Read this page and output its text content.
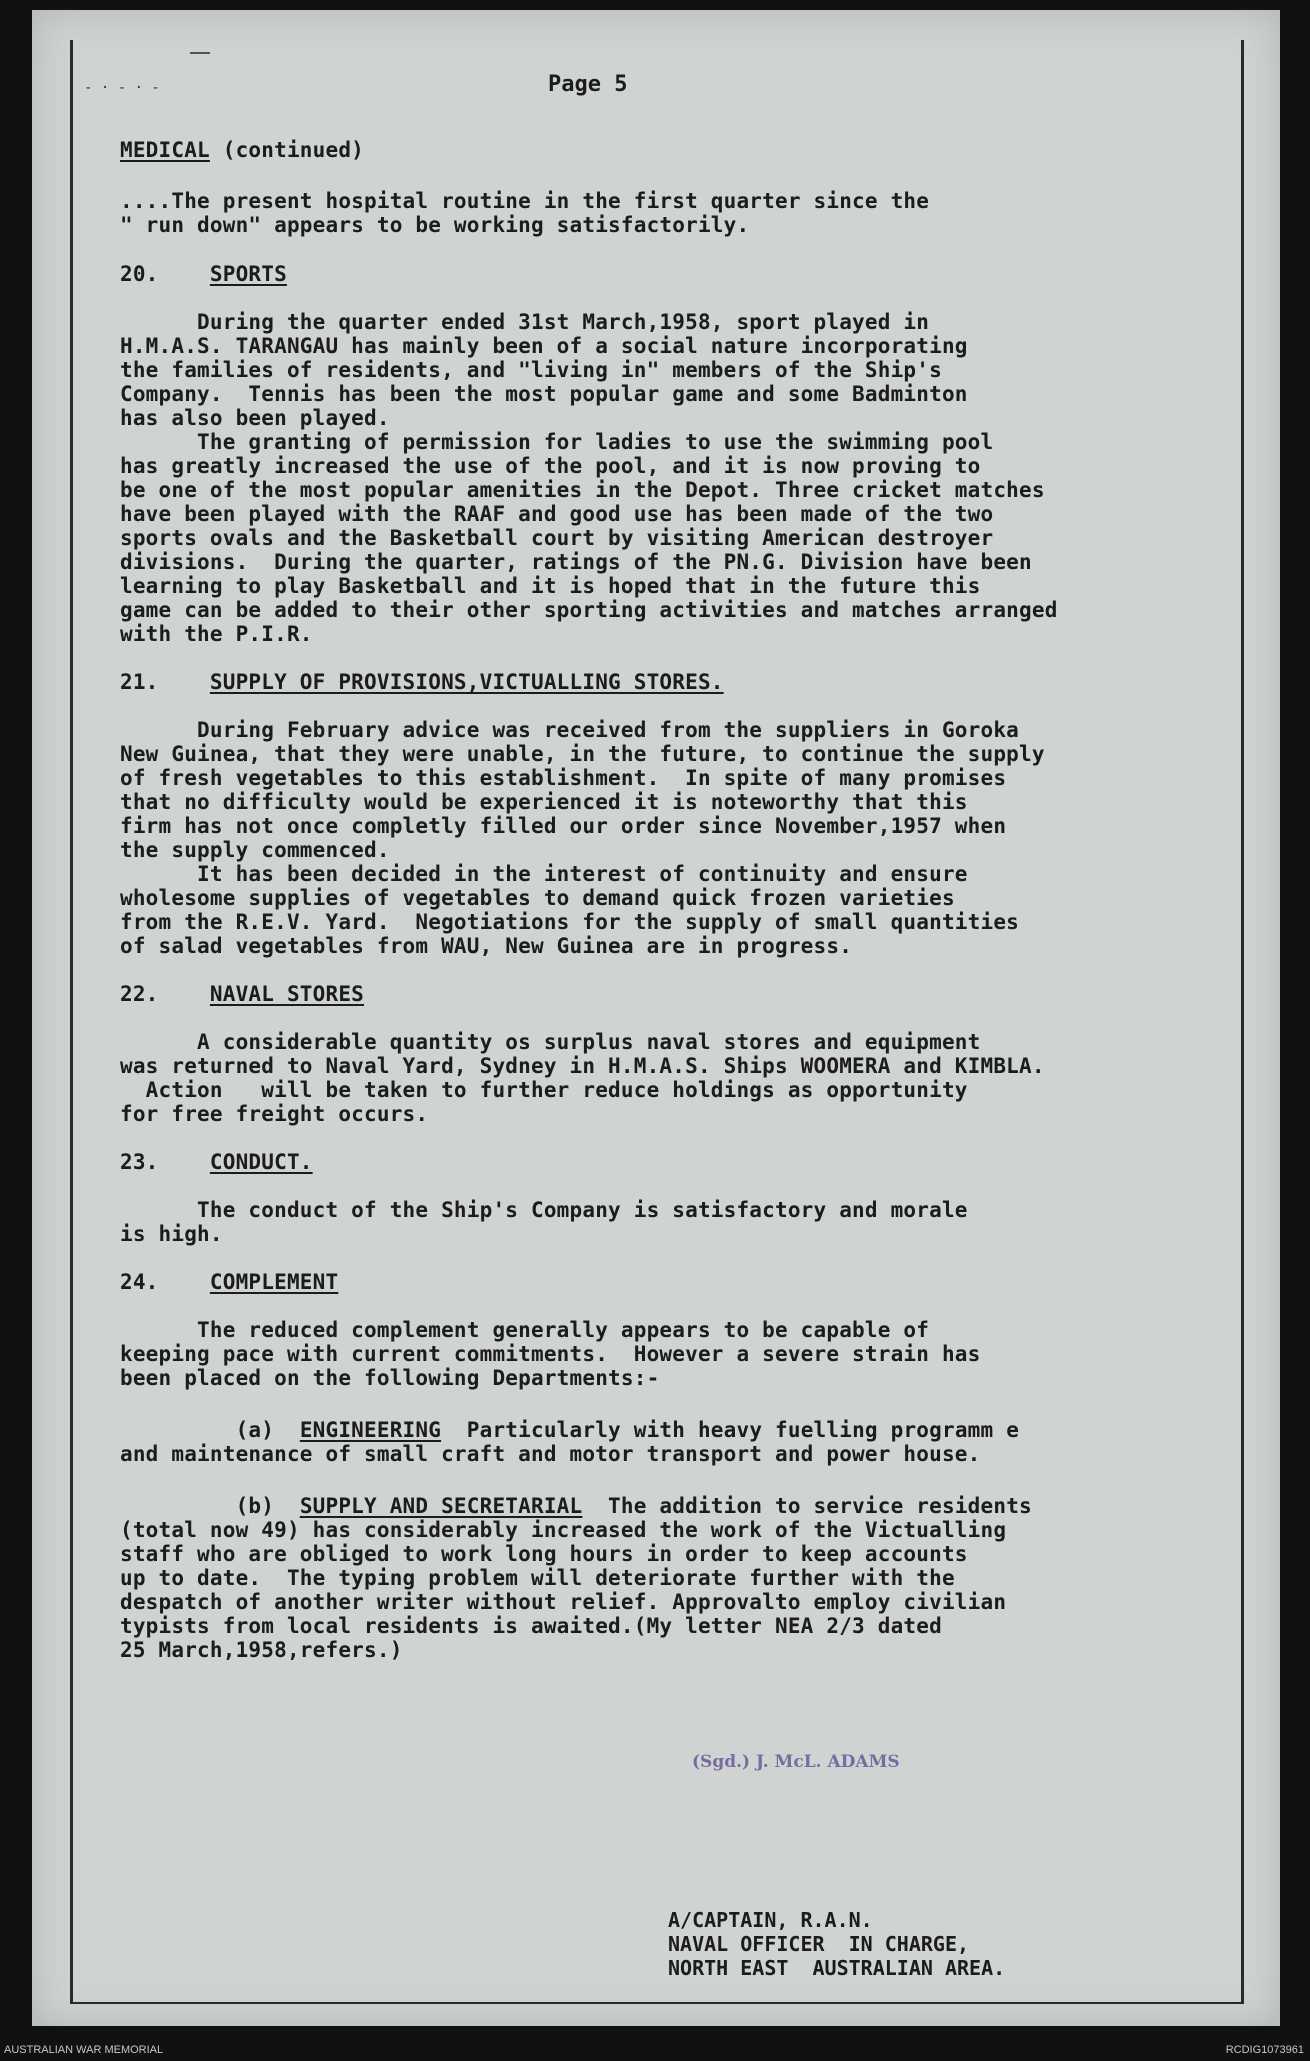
- · - · -	Page 5
MEDICAL (continued)
....The present hospital routine in the first quarter since the
" run down" appears to be working satisfactorily.
20. SPORTS
During the quarter ended 31st March,1958, sport played in
H.M.A.S. TARANGAU has mainly been of a social nature incorporating
the families of residents, and "living in" members of the Ship's
Company.  Tennis has been the most popular game and some Badminton
has also been played.
The granting of permission for ladies to use the swimming pool
has greatly increased the use of the pool, and it is now proving to
be one of the most popular amenities in the Depot. Three cricket matches
have been played with the RAAF and good use has been made of the two
sports ovals and the Basketball court by visiting American destroyer
divisions.  During the quarter, ratings of the PN.G. Division have been
learning to play Basketball and it is hoped that in the future this
game can be added to their other sporting activities and matches arranged
with the P.I.R.
21. SUPPLY OF PROVISIONS,VICTUALLING STORES.
During February advice was received from the suppliers in Goroka
New Guinea, that they were unable, in the future, to continue the supply
of fresh vegetables to this establishment.  In spite of many promises
that no difficulty would be experienced it is noteworthy that this
firm has not once completly filled our order since November,1957 when
the supply commenced.
It has been decided in the interest of continuity and ensure
wholesome supplies of vegetables to demand quick frozen varieties
from the R.E.V. Yard.  Negotiations for the supply of small quantities
of salad vegetables from WAU, New Guinea are in progress.
22. NAVAL STORES
A considerable quantity os surplus naval stores and equipment
was returned to Naval Yard, Sydney in H.M.A.S. Ships WOOMERA and KIMBLA.
Action   will be taken to further reduce holdings as opportunity
for free freight occurs.
23. CONDUCT.
The conduct of the Ship's Company is satisfactory and morale
is high.
24. COMPLEMENT
The reduced complement generally appears to be capable of
keeping pace with current commitments.  However a severe strain has
been placed on the following Departments:-
(a)  ENGINEERING  Particularly with heavy fuelling programm e
and maintenance of small craft and motor transport and power house.
(b)  SUPPLY AND SECRETARIAL  The addition to service residents
(total now 49) has considerably increased the work of the Victualling
staff who are obliged to work long hours in order to keep accounts
up to date.  The typing problem will deteriorate further with the
despatch of another writer without relief. Approvalto employ civilian
typists from local residents is awaited.(My letter NEA 2/3 dated
25 March,1958,refers.)
(Sgd.) J. McL. ADAMS
A/CAPTAIN, R.A.N.
NAVAL OFFICER  IN CHARGE,
NORTH EAST  AUSTRALIAN AREA.
AUSTRALIAN WAR MEMORIAL	RCDIG1073961
